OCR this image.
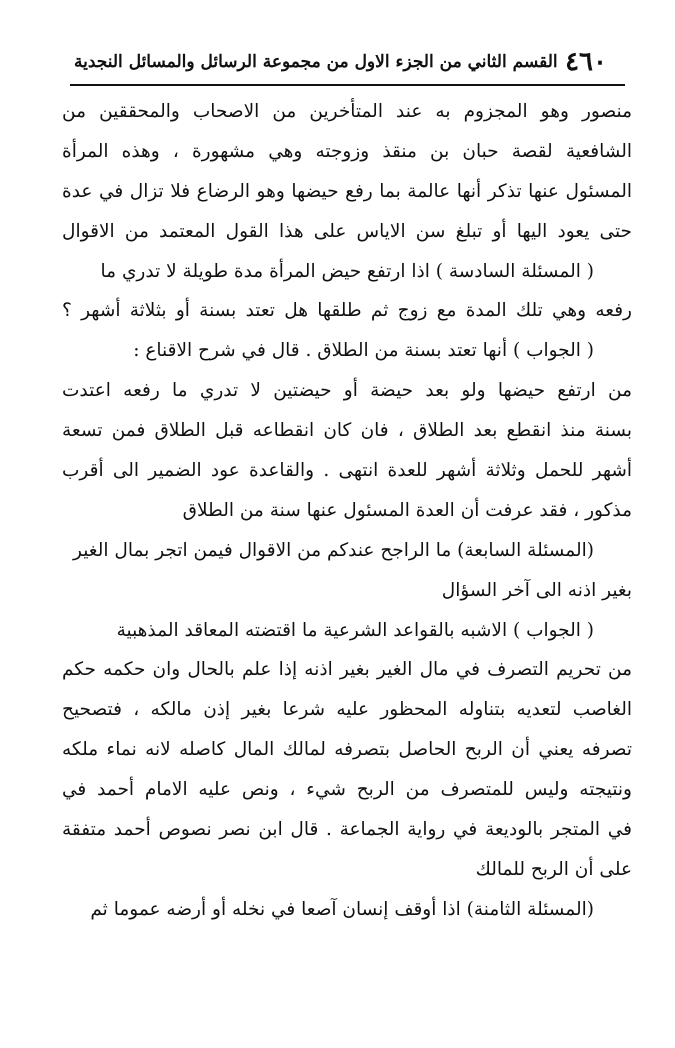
٤٦٠
القسم الثاني من الجزء الاول من مجموعة الرسائل والمسائل النجدية
منصور وهو المجزوم به عند المتأخرين من الاصحاب والمحققين من
الشافعية لقصة حبان بن منقذ وزوجته وهي مشهورة ، وهذه المرأة
المسئول عنها تذكر أنها عالمة بما رفع حيضها وهو الرضاع فلا تزال في عدة
حتى يعود اليها أو تبلغ سن الاياس على هذا القول المعتمد من الاقوال
( المسئلة السادسة ) اذا ارتفع حيض المرأة مدة طويلة لا تدري ما
رفعه وهي تلك المدة مع زوج ثم طلقها هل تعتد بسنة أو بثلاثة أشهر ؟
( الجواب ) أنها تعتد بسنة من الطلاق . قال في شرح الاقناع :
من ارتفع حيضها ولو بعد حيضة أو حيضتين لا تدري ما رفعه اعتدت
بسنة منذ انقطع بعد الطلاق ، فان كان انقطاعه قبل الطلاق فمن تسعة
أشهر للحمل وثلاثة أشهر للعدة انتهى . والقاعدة عود الضمير الى أقرب
مذكور ، فقد عرفت أن العدة المسئول عنها سنة من الطلاق
(المسئلة السابعة) ما الراجح عندكم من الاقوال فيمن اتجر بمال الغير
بغير اذنه الى آخر السؤال
( الجواب ) الاشبه بالقواعد الشرعية ما اقتضته المعاقد المذهبية
من تحريم التصرف في مال الغير بغير اذنه إذا علم بالحال وان حكمه حكم
الغاصب لتعديه بتناوله المحظور عليه شرعا بغير إذن مالكه ، فتصحيح
تصرفه يعني أن الربح الحاصل بتصرفه لمالك المال كاصله لانه نماء ملكه
ونتيجته وليس للمتصرف من الربح شيء ، ونص عليه الامام أحمد في
في المتجر بالوديعة في رواية الجماعة . قال ابن نصر نصوص أحمد متفقة
على أن الربح للمالك
(المسئلة الثامنة) اذا أوقف إنسان آصعا في نخله أو أرضه عموما ثم
